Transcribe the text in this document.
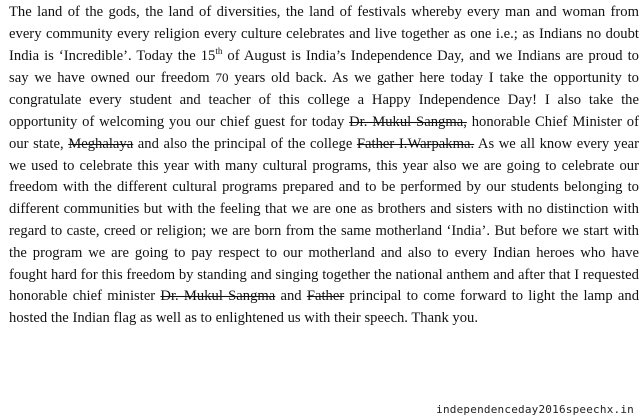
The land of the gods, the land of diversities, the land of festivals whereby every man and woman from every community every religion every culture celebrates and live together as one i.e.; as Indians no doubt India is ‘Incredible’. Today the 15th of August is India’s Independence Day, and we Indians are proud to say we have owned our freedom 70 years old back. As we gather here today I take the opportunity to congratulate every student and teacher of this college a Happy Independence Day! I also take the opportunity of welcoming you our chief guest for today Dr. Mukul Sangma, honorable Chief Minister of our state, Meghalaya and also the principal of the college Father I.Warpakma. As we all know every year we used to celebrate this year with many cultural programs, this year also we are going to celebrate our freedom with the different cultural programs prepared and to be performed by our students belonging to different communities but with the feeling that we are one as brothers and sisters with no distinction with regard to caste, creed or religion; we are born from the same motherland ‘India’. But before we start with the program we are going to pay respect to our motherland and also to every Indian heroes who have fought hard for this freedom by standing and singing together the national anthem and after that I requested honorable chief minister Dr. Mukul Sangma and Father principal to come forward to light the lamp and hosted the Indian flag as well as to enlightened us with their speech. Thank you.

independenceday2016speechx.in
